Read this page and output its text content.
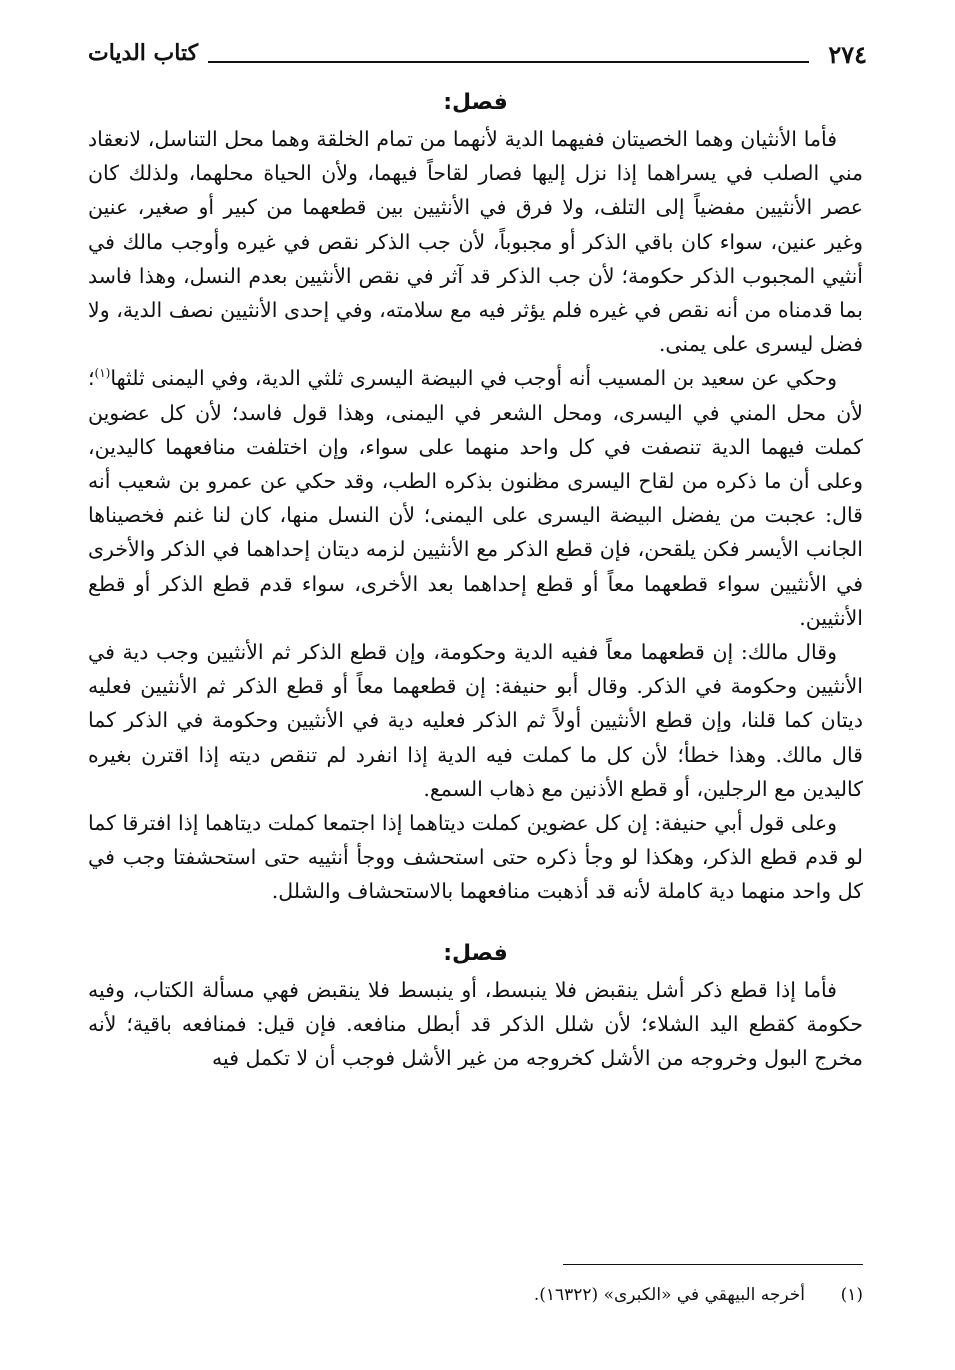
٢٧٤
كتاب الديات
فصل:

فأما الأنثيان وهما الخصيتان ففيهما الدية لأنهما من تمام الخلقة وهما محل التناسل، لانعقاد مني الصلب في يسراهما إذا نزل إليها فصار لقاحاً فيهما، ولأن الحياة محلهما، ولذلك كان عصر الأنثيين مفضياً إلى التلف، ولا فرق في الأنثيين بين قطعهما من كبير أو صغير، عنين وغير عنين، سواء كان باقي الذكر أو مجبوباً، لأن جب الذكر نقص في غيره وأوجب مالك في أنثيي المجبوب الذكر حكومة؛ لأن جب الذكر قد آثر في نقص الأنثيين بعدم النسل، وهذا فاسد بما قدمناه من أنه نقص في غيره فلم يؤثر فيه مع سلامته، وفي إحدى الأنثيين نصف الدية، ولا فضل ليسرى على يمنى.

وحكي عن سعيد بن المسيب أنه أوجب في البيضة اليسرى ثلثي الدية، وفي اليمنى ثلثها$^{(١)}$؛ لأن محل المني في اليسرى، ومحل الشعر في اليمنى، وهذا قول فاسد؛ لأن كل عضوين كملت فيهما الدية تنصفت في كل واحد منهما على سواء، وإن اختلفت منافعهما كاليدين، وعلى أن ما ذكره من لقاح اليسرى مظنون بذكره الطب، وقد حكي عن عمرو بن شعيب أنه قال: عجبت من يفضل البيضة اليسرى على اليمنى؛ لأن النسل منها، كان لنا غنم فخصيناها الجانب الأيسر فكن يلقحن، فإن قطع الذكر مع الأنثيين لزمه ديتان إحداهما في الذكر والأخرى في الأنثيين سواء قطعهما معاً أو قطع إحداهما بعد الأخرى، سواء قدم قطع الذكر أو قطع الأنثيين.

وقال مالك: إن قطعهما معاً ففيه الدية وحكومة، وإن قطع الذكر ثم الأنثيين وجب دية في الأنثيين وحكومة في الذكر. وقال أبو حنيفة: إن قطعهما معاً أو قطع الذكر ثم الأنثيين فعليه ديتان كما قلنا، وإن قطع الأنثيين أولاً ثم الذكر فعليه دية في الأنثيين وحكومة في الذكر كما قال مالك. وهذا خطأ؛ لأن كل ما كملت فيه الدية إذا انفرد لم تنقص ديته إذا اقترن بغيره كاليدين مع الرجلين، أو قطع الأذنين مع ذهاب السمع.

وعلى قول أبي حنيفة: إن كل عضوين كملت ديتاهما إذا اجتمعا كملت ديتاهما إذا افترقا كما لو قدم قطع الذكر، وهكذا لو وجأ ذكره حتى استحشف ووجأ أنثييه حتى استحشفتا وجب في كل واحد منهما دية كاملة لأنه قد أذهبت منافعهما بالاستحشاف والشلل.

فصل:

فأما إذا قطع ذكر أشل ينقبض فلا ينبسط، أو ينبسط فلا ينقبض فهي مسألة الكتاب، وفيه حكومة كقطع اليد الشلاء؛ لأن شلل الذكر قد أبطل منافعه. فإن قيل: فمنافعه باقية؛ لأنه مخرج البول وخروجه من الأشل كخروجه من غير الأشل فوجب أن لا تكمل فيه

(١)أخرجه البيهقي في «الكبرى» (١٦٣٢٢).
